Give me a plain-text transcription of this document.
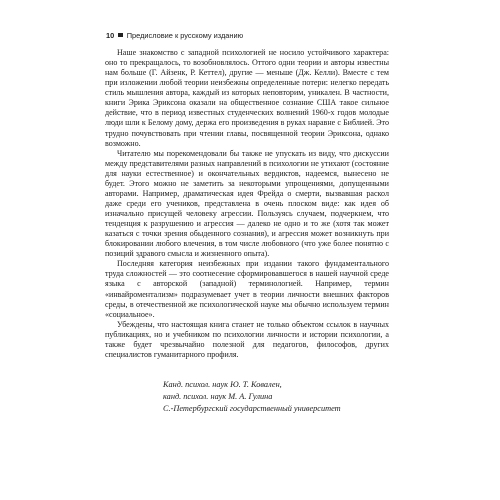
10 Предисловие к русскому изданию

Наше знакомство с западной психологией не носило устойчивого характера: оно то прекращалось, то возобновлялось. Оттого одни теории и авторы известны нам больше (Г. Айзенк, Р. Кеттел), другие — меньше (Дж. Келли). Вместе с тем при изложении любой теории неизбежны определенные потери: нелегко передать стиль мышления автора, каждый из которых неповторим, уникален. В частности, книги Эрика Эриксона оказали на общественное сознание США такое сильное действие, что в период известных студенческих волнений 1960-х годов молодые люди шли к Белому дому, держа его произведения в руках наравне с Библией. Это трудно почувствовать при чтении главы, посвященной теории Эриксона, однако возможно.

Читателю мы порекомендовали бы также не упускать из виду, что дискуссии между представителями разных направлений в психологии не утихают (состояние для науки естественное) и окончательных вердиктов, надеемся, вынесено не будет. Этого можно не заметить за некоторыми упрощениями, допущенными авторами. Например, драматическая идея Фрейда о смерти, вызвавшая раскол даже среди его учеников, представлена в очень плоском виде: как идея об изначально присущей человеку агрессии. Пользуясь случаем, подчеркнем, что тенденция к разрушению и агрессия — далеко не одно и то же (хотя так может казаться с точки зрения обыденного сознания), и агрессия может возникнуть при блокировании любого влечения, в том числе любовного (что уже более понятно с позиций здравого смысла и жизненного опыта).

Последняя категория неизбежных при издании такого фундаментального труда сложностей — это соотнесение сформировавшегося в нашей научной среде языка с авторской (западной) терминологией. Например, термин «инвайроментализм» подразумевает учет в теории личности внешних факторов среды, в отечественной же психологической науке мы обычно используем термин «социальное».

Убеждены, что настоящая книга станет не только объектом ссылок в научных публикациях, но и учебником по психологии личности и истории психологии, а также будет чрезвычайно полезной для педагогов, философов, других специалистов гуманитарного профиля.

Канд. психол. наук Ю. Т. Ковален,
канд. психол. наук М. А. Гулина
С.-Петербургский государственный университет
